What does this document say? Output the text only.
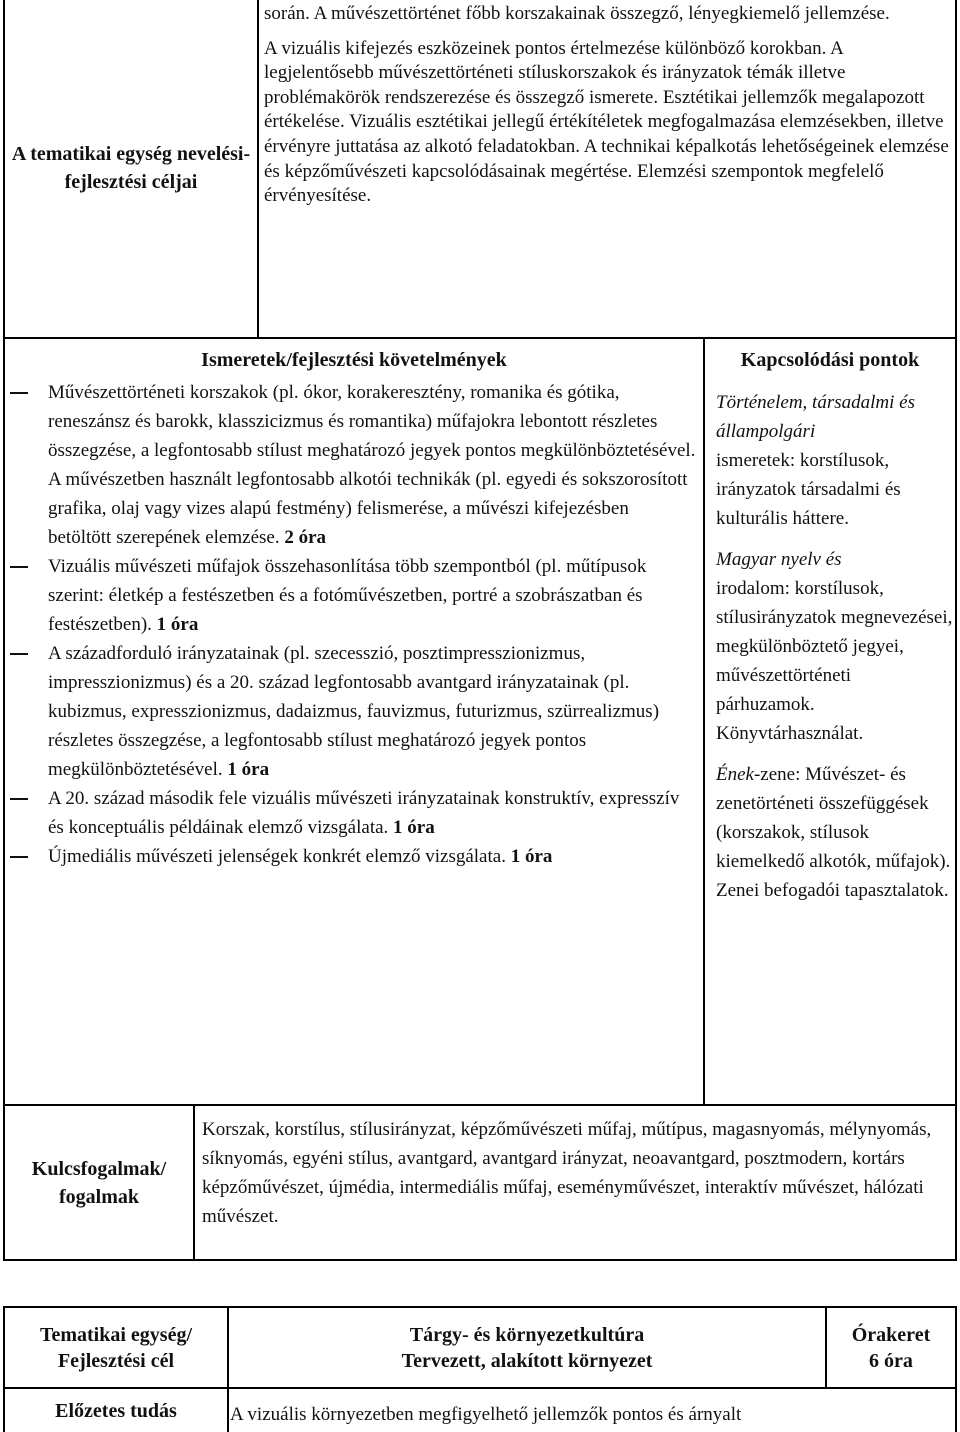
A tematikai egység nevelési-fejlesztési céljai

során. A művészettörténet főbb korszakainak összegző, lényegkiemelő jellemzése.

A vizuális kifejezés eszközeinek pontos értelmezése különböző korokban. A legjelentősebb művészettörténeti stíluskorszakok és irányzatok témák illetve problémakörök rendszerezése és összegző ismerete. Esztétikai jellemzők megalapozott értékelése. Vizuális esztétikai jellegű értékítéletek megfogalmazása elemzésekben, illetve érvényre juttatása az alkotó feladatokban. A technikai képalkotás lehetőségeinek elemzése és képzőművészeti kapcsolódásainak megértése. Elemzési szempontok megfelelő érvényesítése.

Ismeretek/fejlesztési követelmények	Kapcsolódási pontok
Művészettörténeti korszakok (pl. ókor, korakeresztény, romanika és gótika, reneszánsz és barokk, klasszicizmus és romantika) műfajokra lebontott részletes összegzése, a legfontosabb stílust meghatározó jegyek pontos megkülönböztetésével. A művészetben használt legfontosabb alkotói technikák (pl. egyedi és sokszorosított grafika, olaj vagy vizes alapú festmény) felismerése, a művészi kifejezésben betöltött szerepének elemzése. 2 óra
Vizuális művészeti műfajok összehasonlítása több szempontból (pl. műtípusok szerint: életkép a festészetben és a fotóművészetben, portré a szobrászatban és festészetben). 1 óra
A századforduló irányzatainak (pl. szecesszió, posztimpresszionizmus, impresszionizmus) és a 20. század legfontosabb avantgard irányzatainak (pl. kubizmus, expresszionizmus, dadaizmus, fauvizmus, futurizmus, szürrealizmus) részletes összegzése, a legfontosabb stílust meghatározó jegyek pontos megkülönböztetésével. 1 óra
A 20. század második fele vizuális művészeti irányzatainak konstruktív, expresszív és konceptuális példáinak elemző vizsgálata. 1 óra
Újmediális művészeti jelenségek konkrét elemző vizsgálata. 1 óra

Történelem, társadalmi és állampolgári
ismeretek: korstílusok, irányzatok társadalmi és kulturális háttere.

Magyar nyelv és
irodalom: korstílusok, stílusirányzatok megnevezései, megkülönböztető jegyei, művészettörténeti párhuzamok. Könyvtárhasználat.

Ének-zene: Művészet- és zenetörténeti összefüggések (korszakok, stílusok kiemelkedő alkotók, műfajok). Zenei befogadói tapasztalatok.

Kulcsfogalmak/ fogalmak
Korszak, korstílus, stílusirányzat, képzőművészeti műfaj, műtípus, magasnyomás, mélynyomás, síknyomás, egyéni stílus, avantgard, avantgard irányzat, neoavantgard, posztmodern, kortárs képzőművészet, újmédia, intermediális műfaj, eseményművészet, interaktív művészet, hálózati művészet.
Tematikai egység/
Fejlesztési cél
Tárgy- és környezetkultúra
Tervezett, alakított környezet
Órakeret
6 óra
Előzetes tudás	A vizuális környezetben megfigyelhető jellemzők pontos és árnyalt
